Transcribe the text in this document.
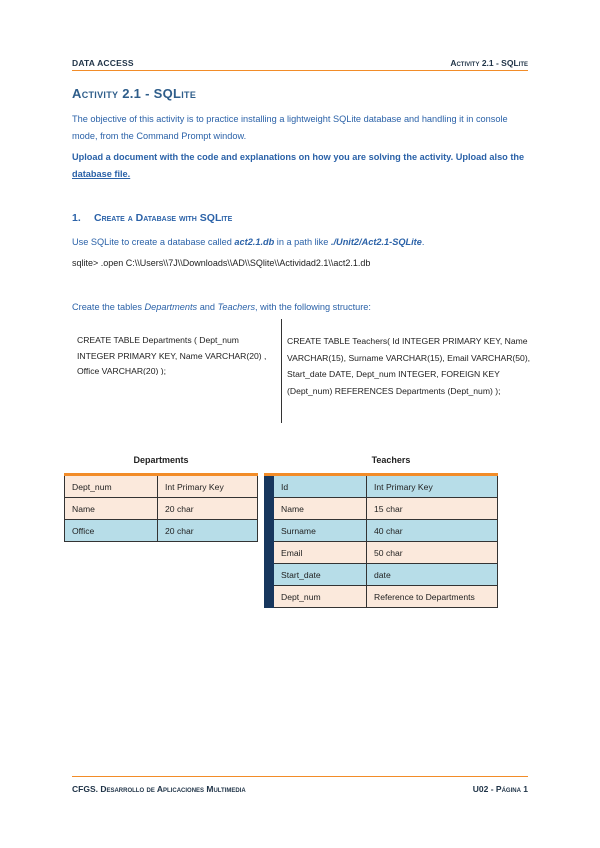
DATA ACCESS	Activity 2.1 - SQLite
Activity 2.1 - SQLite
The objective of this activity is to practice installing a lightweight SQLite database and handling it in console mode, from the Command Prompt window.
Upload a document with the code and explanations on how you are solving the activity. Upload also the database file.
1. Create a Database with SQLite
Use SQLite to create a database called act2.1.db in a path like ./Unit2/Act2.1-SQLite.
sqlite> .open C:\\Users\\7J\\Downloads\\AD\\SQlite\\Actividad2.1\\act2.1.db
Create the tables Departments and Teachers, with the following structure:
CREATE TABLE Departments ( Dept_num INTEGER PRIMARY KEY, Name VARCHAR(20) , Office VARCHAR(20) );
CREATE TABLE Teachers( Id INTEGER PRIMARY KEY, Name VARCHAR(15), Surname VARCHAR(15), Email VARCHAR(50), Start_date DATE, Dept_num INTEGER, FOREIGN KEY (Dept_num) REFERENCES Departments (Dept_num) );
Departments	Teachers
Dept_num	Int Primary Key
Name	20 char
Office	20 char
	Id	Int Primary Key
	Name	15 char
	Surname	40 char
	Email	50 char
	Start_date	date
	Dept_num	Reference to Departments
CFGS. Desarrollo de Aplicaciones Multimedia	U02 - Página 1
